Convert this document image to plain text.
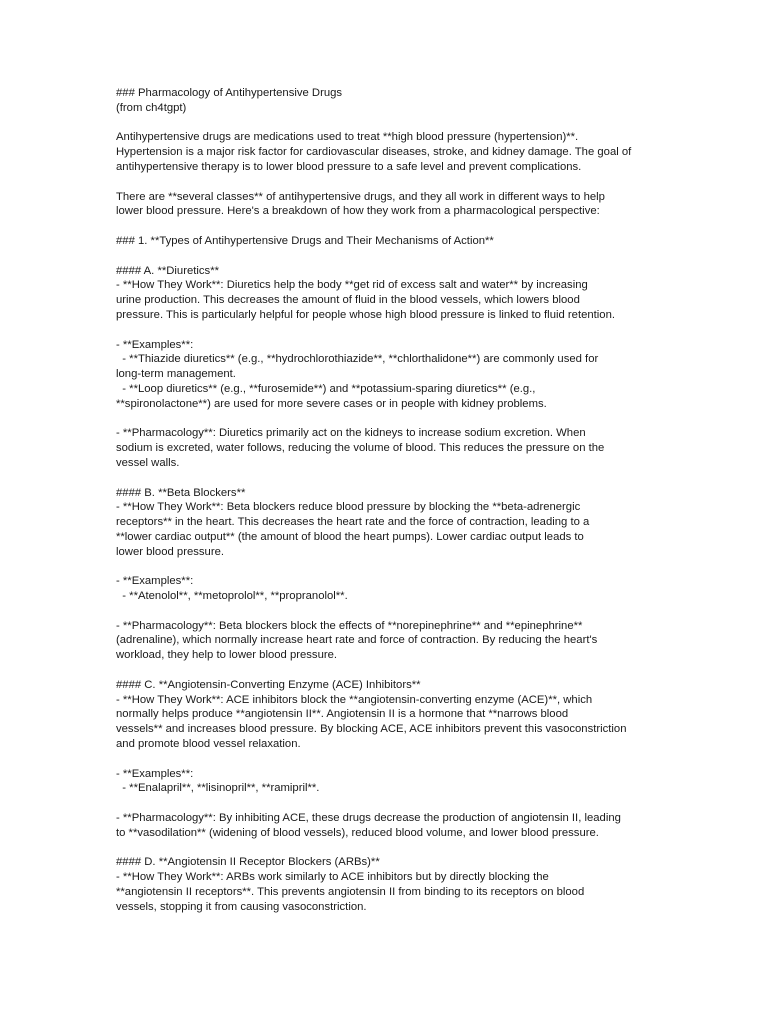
### Pharmacology of Antihypertensive Drugs
(from ch4tgpt)
Antihypertensive drugs are medications used to treat **high blood pressure (hypertension)**.
Hypertension is a major risk factor for cardiovascular diseases, stroke, and kidney damage. The goal of
antihypertensive therapy is to lower blood pressure to a safe level and prevent complications.
There are **several classes** of antihypertensive drugs, and they all work in different ways to help
lower blood pressure. Here's a breakdown of how they work from a pharmacological perspective:
### 1. **Types of Antihypertensive Drugs and Their Mechanisms of Action**
#### A. **Diuretics**
- **How They Work**: Diuretics help the body **get rid of excess salt and water** by increasing
urine production. This decreases the amount of fluid in the blood vessels, which lowers blood
pressure. This is particularly helpful for people whose high blood pressure is linked to fluid retention.
- **Examples**:
- **Thiazide diuretics** (e.g., **hydrochlorothiazide**, **chlorthalidone**) are commonly used for
long-term management.
- **Loop diuretics** (e.g., **furosemide**) and **potassium-sparing diuretics** (e.g.,
**spironolactone**) are used for more severe cases or in people with kidney problems.
- **Pharmacology**: Diuretics primarily act on the kidneys to increase sodium excretion. When
sodium is excreted, water follows, reducing the volume of blood. This reduces the pressure on the
vessel walls.
#### B. **Beta Blockers**
- **How They Work**: Beta blockers reduce blood pressure by blocking the **beta-adrenergic
receptors** in the heart. This decreases the heart rate and the force of contraction, leading to a
**lower cardiac output** (the amount of blood the heart pumps). Lower cardiac output leads to
lower blood pressure.
- **Examples**:
- **Atenolol**, **metoprolol**, **propranolol**.
- **Pharmacology**: Beta blockers block the effects of **norepinephrine** and **epinephrine**
(adrenaline), which normally increase heart rate and force of contraction. By reducing the heart's
workload, they help to lower blood pressure.
#### C. **Angiotensin-Converting Enzyme (ACE) Inhibitors**
- **How They Work**: ACE inhibitors block the **angiotensin-converting enzyme (ACE)**, which
normally helps produce **angiotensin II**. Angiotensin II is a hormone that **narrows blood
vessels** and increases blood pressure. By blocking ACE, ACE inhibitors prevent this vasoconstriction
and promote blood vessel relaxation.
- **Examples**:
- **Enalapril**, **lisinopril**, **ramipril**.
- **Pharmacology**: By inhibiting ACE, these drugs decrease the production of angiotensin II, leading
to **vasodilation** (widening of blood vessels), reduced blood volume, and lower blood pressure.
#### D. **Angiotensin II Receptor Blockers (ARBs)**
- **How They Work**: ARBs work similarly to ACE inhibitors but by directly blocking the
**angiotensin II receptors**. This prevents angiotensin II from binding to its receptors on blood
vessels, stopping it from causing vasoconstriction.
